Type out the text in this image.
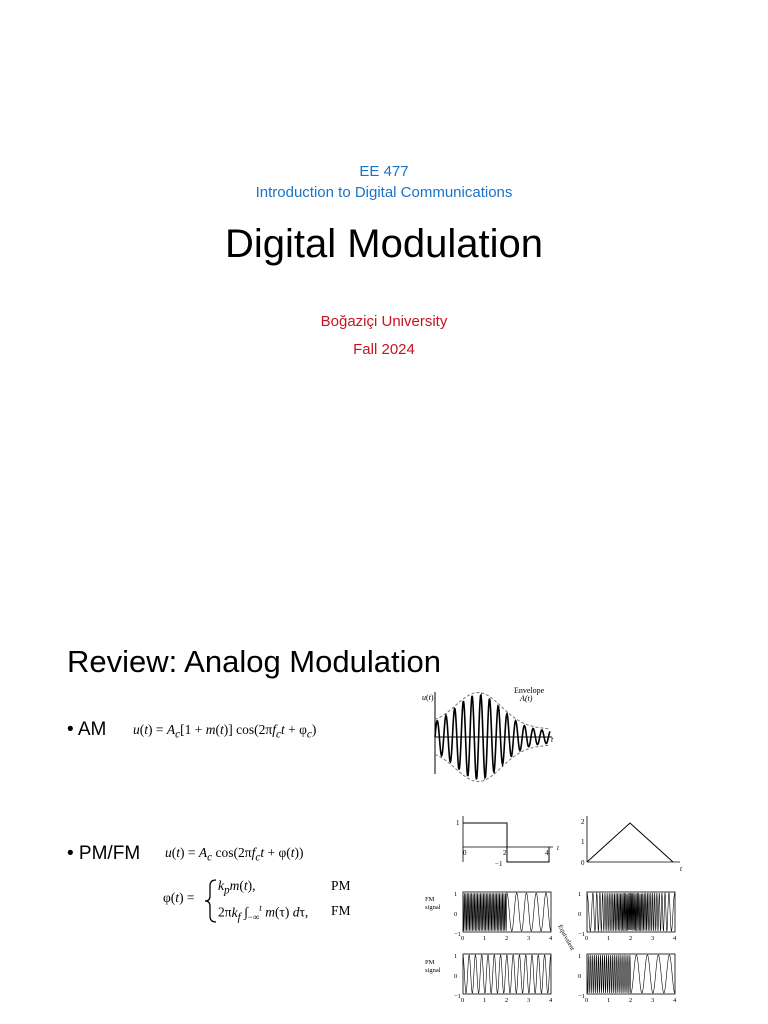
EE 477
Introduction to Digital Communications
Digital Modulation
Boğaziçi University
Fall 2024
Review: Analog Modulation
• AM $u(t) = A_c[1 + m(t)] \cos(2\pi f_ct + \varphi_c)$
• PM/FM $u(t) = A_c$ $\cos(2\pi f_ct + \varphi(t))$
φ(t) =
$k_pm(t)$,	PM
$2\pi k_f$ $\int_{-\infty}^t$ m(τ) dτ, FM
u(t)
Envelope
A(t)
t
1
0	2	4
−1
t
2
1
0
t
FM
signal
PM
signal
Equivalent
0	1	2	3	4
1
0
−1
0	1	2	3	4
1
0
−1
0	1	2	3	4
1
0
−1
0	1	2	3	4
1
0
−1
